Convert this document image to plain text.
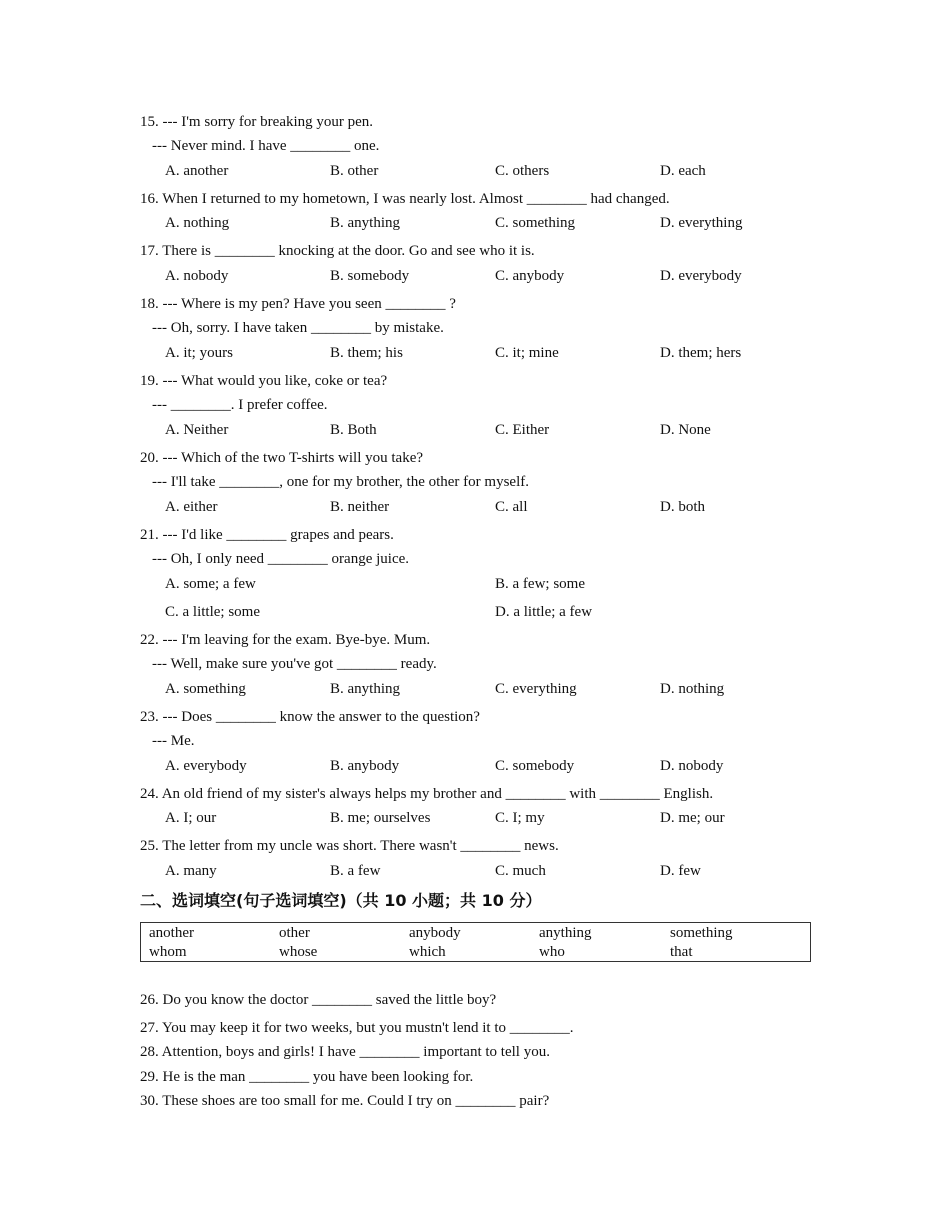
15. --- I'm sorry for breaking your pen.
--- Never mind. I have ________ one.
A. another	B. other	C. others	D. each
16. When I returned to my hometown, I was nearly lost. Almost ________ had changed.
A. nothing	B. anything	C. something	D. everything
17. There is ________ knocking at the door. Go and see who it is.
A. nobody	B. somebody	C. anybody	D. everybody
18. --- Where is my pen? Have you seen ________ ?
--- Oh, sorry. I have taken ________ by mistake.
A. it; yours	B. them; his	C. it; mine	D. them; hers
19. --- What would you like, coke or tea?
--- ________. I prefer coffee.
A. Neither	B. Both	C. Either	D. None
20. --- Which of the two T-shirts will you take?
--- I'll take ________, one for my brother, the other for myself.
A. either	B. neither	C. all	D. both
21. --- I'd like ________ grapes and pears.
--- Oh, I only need ________ orange juice.
A. some; a few	B. a few; some
C. a little; some	D. a little; a few
22. --- I'm leaving for the exam. Bye-bye. Mum.
--- Well, make sure you've got ________ ready.
A. something	B. anything	C. everything	D. nothing
23. --- Does ________ know the answer to the question?
--- Me.
A. everybody	B. anybody	C. somebody	D. nobody
24. An old friend of my sister's always helps my brother and ________ with ________ English.
A. I; our	B. me; ourselves	C. I; my	D. me; our
25. The letter from my uncle was short. There wasn't ________ news.
A. many	B. a few	C. much	D. few
二、选词填空(句子选词填空)（共 10 小题；共 10 分）
another	other	anybody	anything	something
whom	whose	which	who	that
26. Do you know the doctor ________ saved the little boy?
27. You may keep it for two weeks, but you mustn't lend it to ________.
28. Attention, boys and girls! I have ________ important to tell you.
29. He is the man ________ you have been looking for.
30. These shoes are too small for me. Could I try on ________ pair?
